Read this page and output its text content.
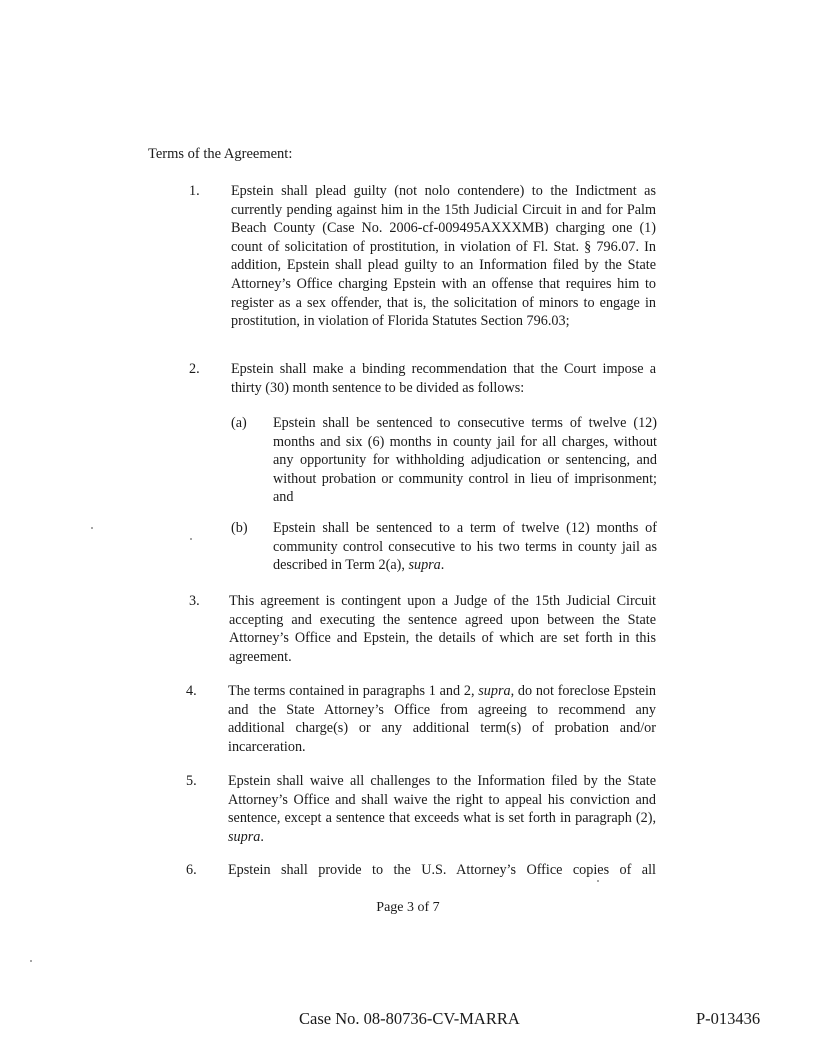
Terms of the Agreement:
1. Epstein shall plead guilty (not nolo contendere) to the Indictment as currently pending against him in the 15th Judicial Circuit in and for Palm Beach County (Case No. 2006-cf-009495AXXXMB) charging one (1) count of solicitation of prostitution, in violation of Fl. Stat. § 796.07. In addition, Epstein shall plead guilty to an Information filed by the State Attorney’s Office charging Epstein with an offense that requires him to register as a sex offender, that is, the solicitation of minors to engage in prostitution, in violation of Florida Statutes Section 796.03;
2. Epstein shall make a binding recommendation that the Court impose a thirty (30) month sentence to be divided as follows:
(a) Epstein shall be sentenced to consecutive terms of twelve (12) months and six (6) months in county jail for all charges, without any opportunity for withholding adjudication or sentencing, and without probation or community control in lieu of imprisonment; and
(b) Epstein shall be sentenced to a term of twelve (12) months of community control consecutive to his two terms in county jail as described in Term 2(a), supra.
3. This agreement is contingent upon a Judge of the 15th Judicial Circuit accepting and executing the sentence agreed upon between the State Attorney’s Office and Epstein, the details of which are set forth in this agreement.
4. The terms contained in paragraphs 1 and 2, supra, do not foreclose Epstein and the State Attorney’s Office from agreeing to recommend any additional charge(s) or any additional term(s) of probation and/or incarceration.
5. Epstein shall waive all challenges to the Information filed by the State Attorney’s Office and shall waive the right to appeal his conviction and sentence, except a sentence that exceeds what is set forth in paragraph (2), supra.
6. Epstein shall provide to the U.S. Attorney’s Office copies of all
Page 3 of 7
Case No. 08-80736-CV-MARRA	P-013436
